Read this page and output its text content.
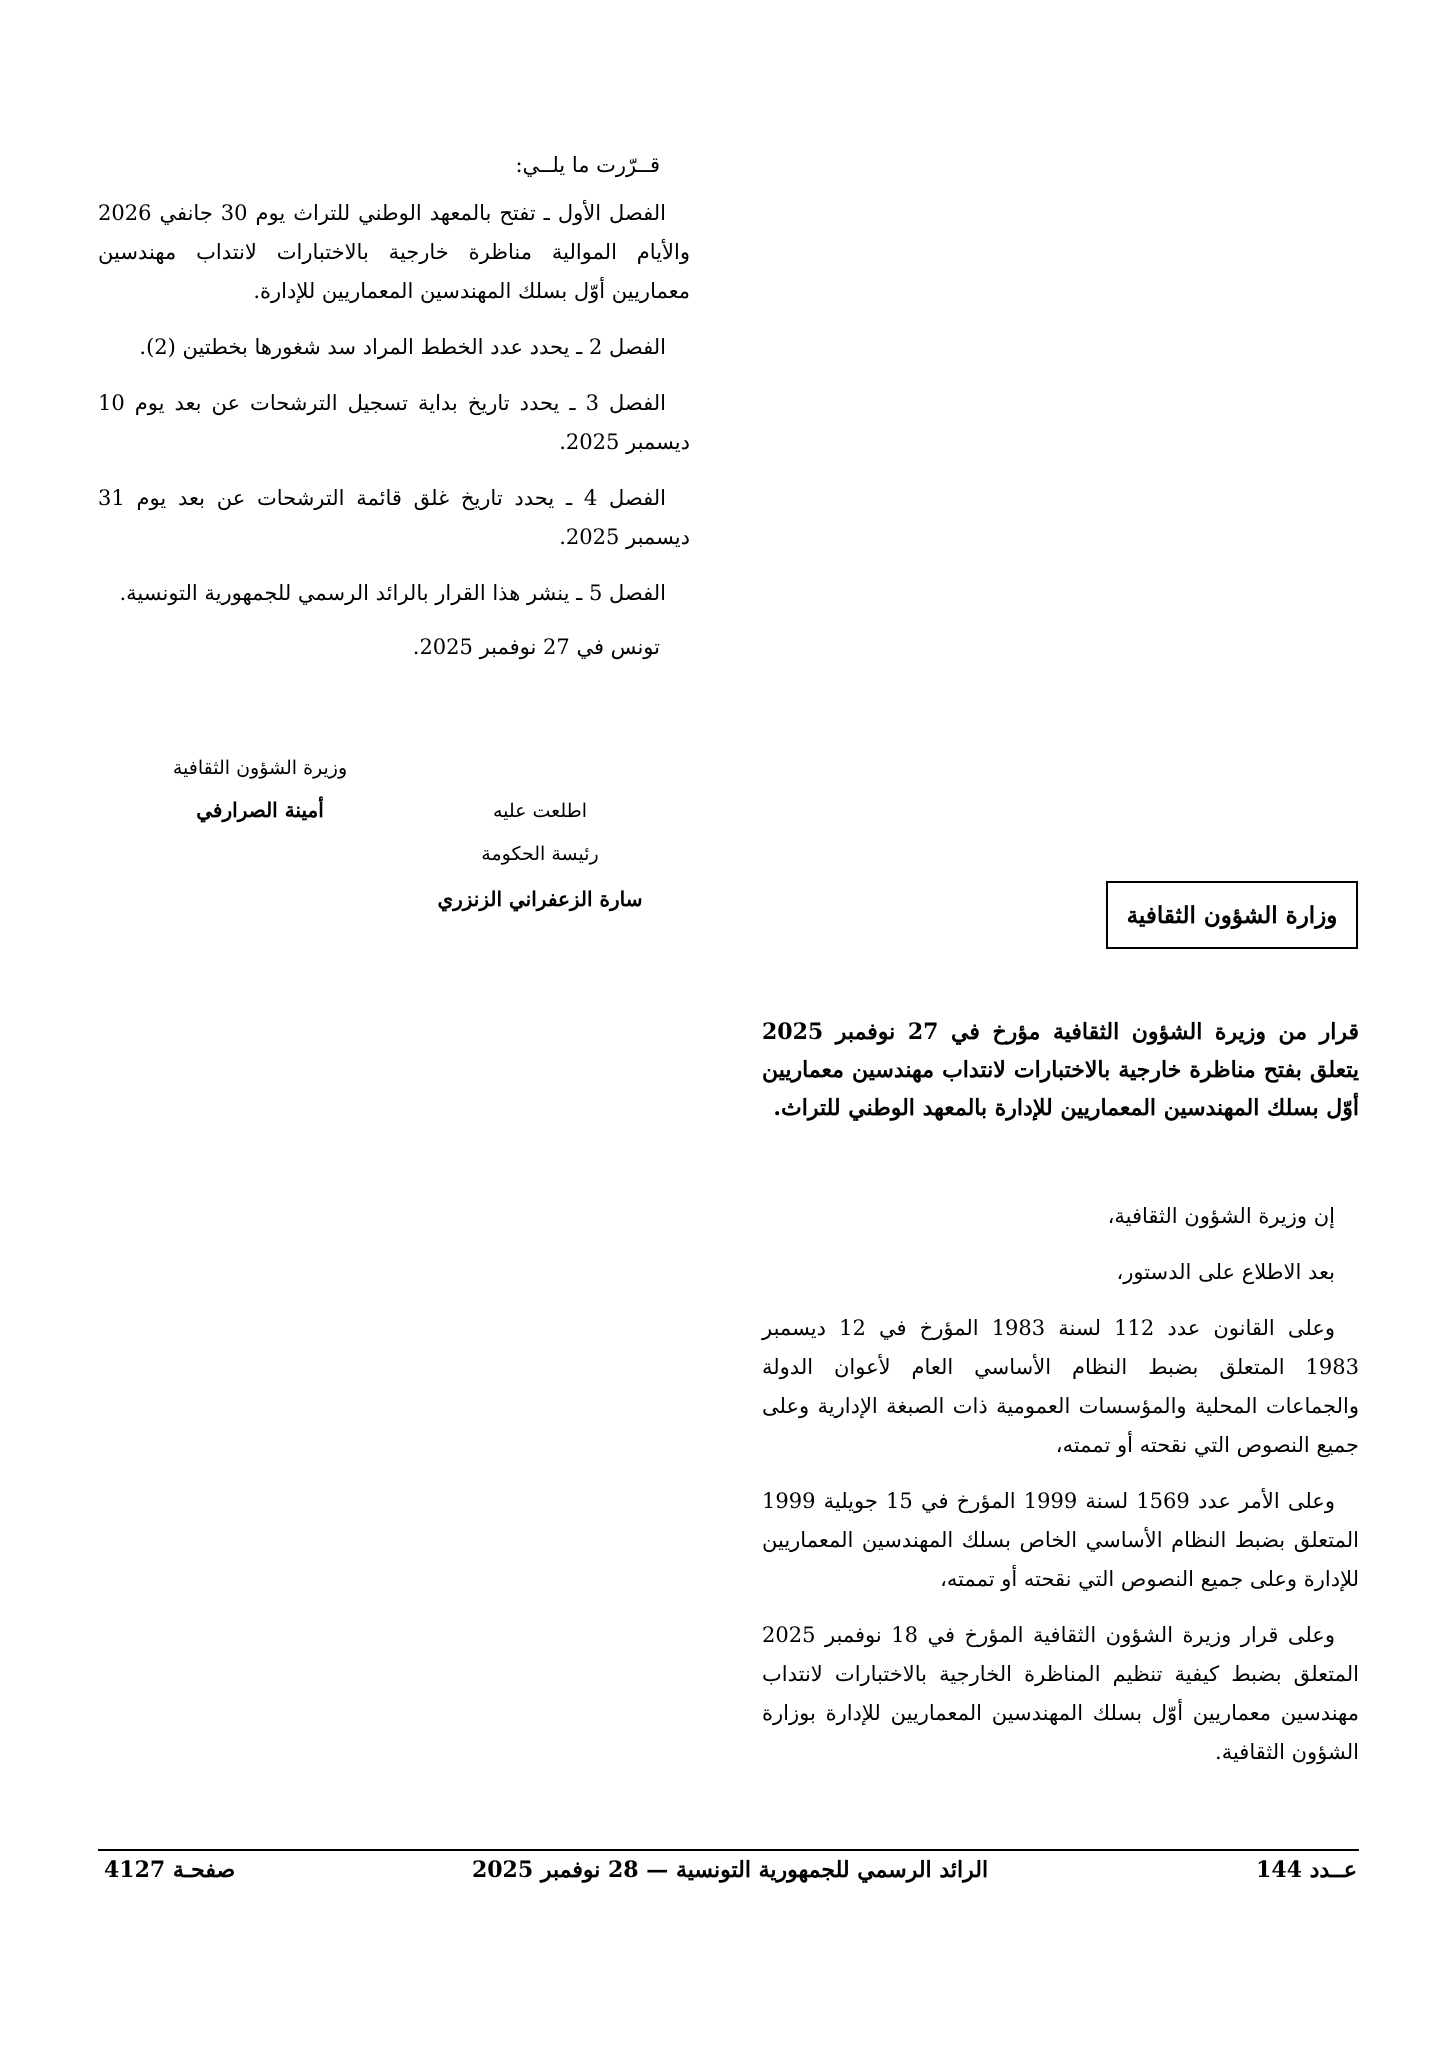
قــرّرت ما يلــي:

الفصل الأول ـ تفتح بالمعهد الوطني للتراث يوم 30 جانفي 2026 والأيام الموالية مناظرة خارجية بالاختبارات لانتداب مهندسين معماريين أوّل بسلك المهندسين المعماريين للإدارة.

الفصل 2 ـ يحدد عدد الخطط المراد سد شغورها بخطتين (2).

الفصل 3 ـ يحدد تاريخ بداية تسجيل الترشحات عن بعد يوم 10 ديسمبر 2025.

الفصل 4 ـ يحدد تاريخ غلق قائمة الترشحات عن بعد يوم 31 ديسمبر 2025.

الفصل 5 ـ ينشر هذا القرار بالرائد الرسمي للجمهورية التونسية.

تونس في 27 نوفمبر 2025.
وزيرة الشؤون الثقافية
أمينة الصرارفي	اطلعت عليه
رئيسة الحكومة
سارة الزعفراني الزنزري
وزارة الشؤون الثقافية
قرار من وزيرة الشؤون الثقافية مؤرخ في 27 نوفمبر 2025 يتعلق بفتح مناظرة خارجية بالاختبارات لانتداب مهندسين معماريين أوّل بسلك المهندسين المعماريين للإدارة بالمعهد الوطني للتراث.

إن وزيرة الشؤون الثقافية،

بعد الاطلاع على الدستور،

وعلى القانون عدد 112 لسنة 1983 المؤرخ في 12 ديسمبر 1983 المتعلق بضبط النظام الأساسي العام لأعوان الدولة والجماعات المحلية والمؤسسات العمومية ذات الصبغة الإدارية وعلى جميع النصوص التي نقحته أو تممته،

وعلى الأمر عدد 1569 لسنة 1999 المؤرخ في 15 جويلية 1999 المتعلق بضبط النظام الأساسي الخاص بسلك المهندسين المعماريين للإدارة وعلى جميع النصوص التي نقحته أو تممته،

وعلى قرار وزيرة الشؤون الثقافية المؤرخ في 18 نوفمبر 2025 المتعلق بضبط كيفية تنظيم المناظرة الخارجية بالاختبارات لانتداب مهندسين معماريين أوّل بسلك المهندسين المعماريين للإدارة بوزارة الشؤون الثقافية.

عــدد 144
الرائد الرسمي للجمهورية التونسية — 28 نوفمبر 2025
صفحـة 4127
